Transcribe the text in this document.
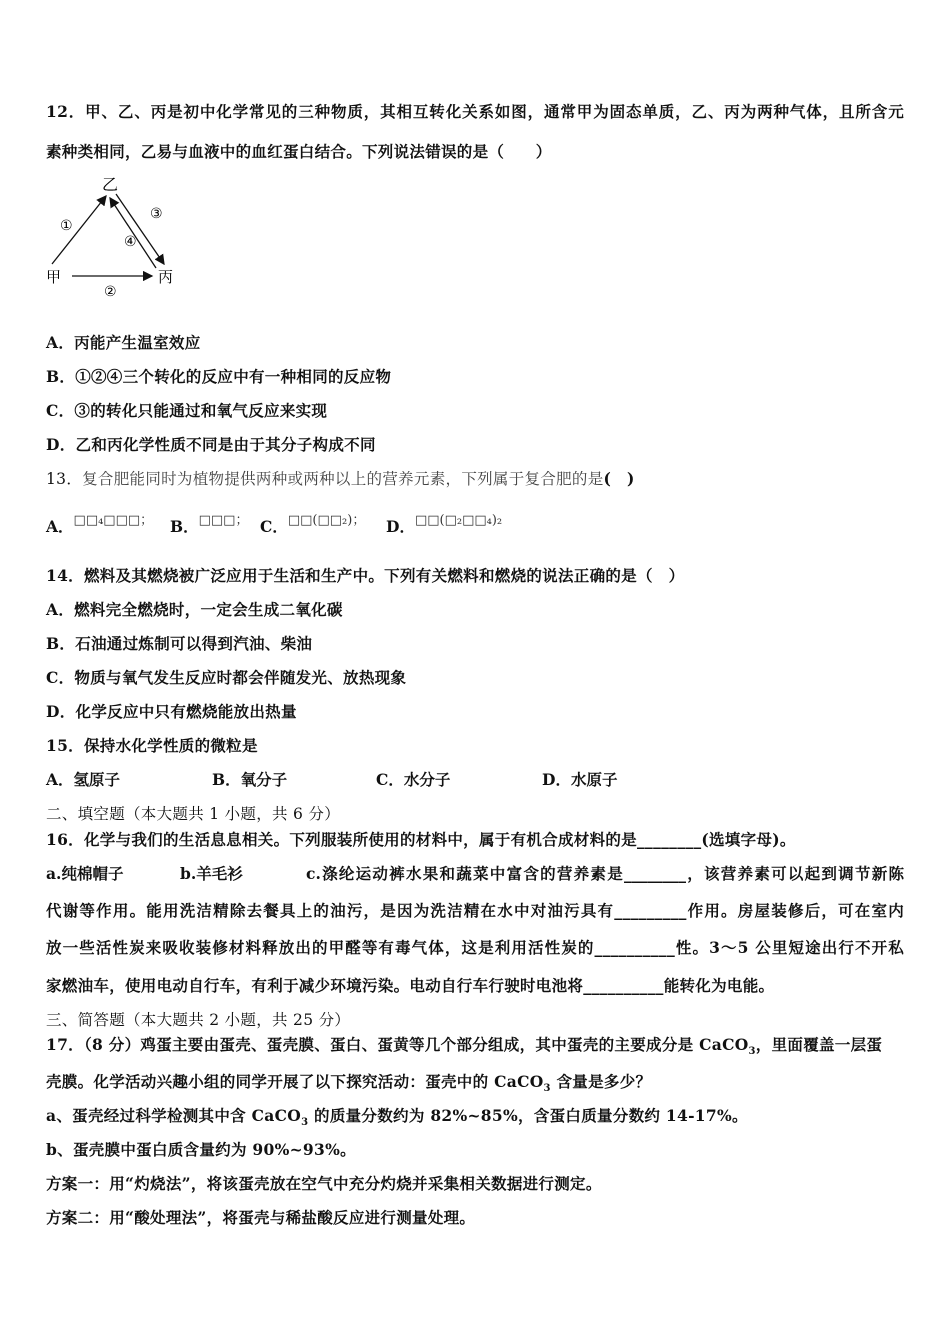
12．甲、乙、丙是初中化学常见的三种物质，其相互转化关系如图，通常甲为固态单质，乙、丙为两种气体，且所含元
素种类相同，乙易与血液中的血红蛋白结合。下列说法错误的是（　　）
乙
甲	丙
①
③
④
②
A．丙能产生温室效应
B．①②④三个转化的反应中有一种相同的反应物
C．③的转化只能通过和氧气反应来实现
D．乙和丙化学性质不同是由于其分子构成不同
13．复合肥能同时为植物提供两种或两种以上的营养元素，下列属于复合肥的是(　)
A．$^{□□_4□□□;}$ B．□□□； C．$^{□□(□□_2);}$ D．$^{□□(□_2□□_4)_2}$
14．燃料及其燃烧被广泛应用于生活和生产中。下列有关燃料和燃烧的说法正确的是（　）
A．燃料完全燃烧时，一定会生成二氧化碳
B．石油通过炼制可以得到汽油、柴油
C．物质与氧气发生反应时都会伴随发光、放热现象
D．化学反应中只有燃烧能放出热量
15．保持水化学性质的微粒是
A．氢原子	B．氧分子	C．水分子	D．水原子
二、填空题（本大题共 1 小题，共 6 分）
16．化学与我们的生活息息相关。下列服装所使用的材料中，属于有机合成材料的是________(选填字母)。
a.纯棉帽子	b.羊毛衫	c.涤纶运动裤水果和蔬菜中富含的营养素是________，该营养素可以起到调节新陈
代谢等作用。能用洗洁精除去餐具上的油污，是因为洗洁精在水中对油污具有_________作用。房屋装修后，可在室内
放一些活性炭来吸收装修材料释放出的甲醛等有毒气体，这是利用活性炭的__________性。3～5 公里短途出行不开私
家燃油车，使用电动自行车，有利于减少环境污染。电动自行车行驶时电池将__________能转化为电能。
三、简答题（本大题共 2 小题，共 25 分）
17．（8 分）鸡蛋主要由蛋壳、蛋壳膜、蛋白、蛋黄等几个部分组成，其中蛋壳的主要成分是 CaCO$_3$，里面覆盖一层蛋
壳膜。化学活动兴趣小组的同学开展了以下探究活动：蛋壳中的 CaCO$_3$ 含量是多少？
a、蛋壳经过科学检测其中含 CaCO$_3$ 的质量分数约为 82%~85%，含蛋白质量分数约 14-17%。
b、蛋壳膜中蛋白质含量约为 90%~93%。
方案一：用“灼烧法”，将该蛋壳放在空气中充分灼烧并采集相关数据进行测定。
方案二：用“酸处理法”，将蛋壳与稀盐酸反应进行测量处理。
